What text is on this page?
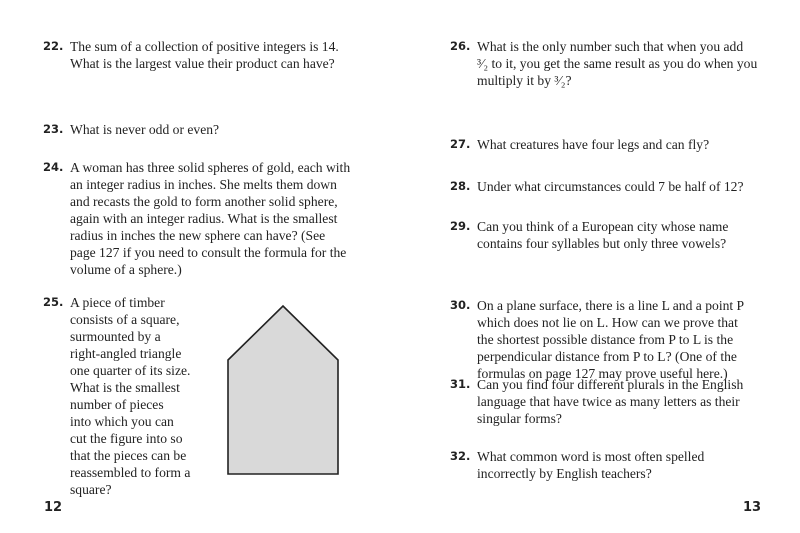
22. The sum of a collection of positive integers is 14.
What is the largest value their product can have?
23. What is never odd or even?
24. A woman has three solid spheres of gold, each with
an integer radius in inches. She melts them down
and recasts the gold to form another solid sphere,
again with an integer radius. What is the smallest
radius in inches the new sphere can have? (See
page 127 if you need to consult the formula for the
volume of a sphere.)
25. A piece of timber
consists of a square,
surmounted by a
right-angled triangle
one quarter of its size.
What is the smallest
number of pieces
into which you can
cut the figure into so
that the pieces can be
reassembled to form a
square?
26. What is the only number such that when you add
³⁄₂ to it, you get the same result as you do when you
multiply it by ³⁄₂?
27. What creatures have four legs and can fly?
28. Under what circumstances could 7 be half of 12?
29. Can you think of a European city whose name
contains four syllables but only three vowels?
30. On a plane surface, there is a line L and a point P
which does not lie on L. How can we prove that
the shortest possible distance from P to L is the
perpendicular distance from P to L? (One of the
formulas on page 127 may prove useful here.)
31. Can you find four different plurals in the English
language that have twice as many letters as their
singular forms?
32. What common word is most often spelled
incorrectly by English teachers?
12	13
